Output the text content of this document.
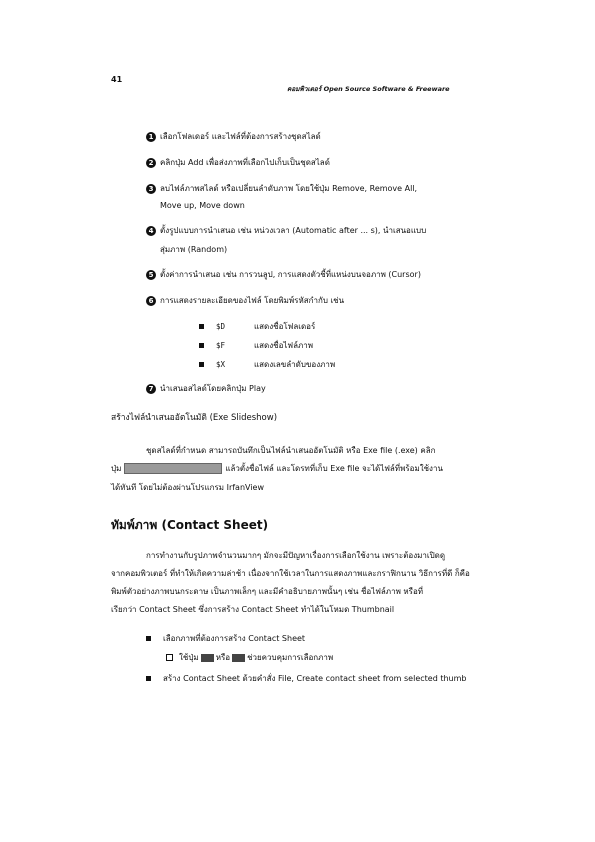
41
คอมพิวเตอร์ Open Source Software & Freeware
1 เลือกโฟลเดอร์ และไฟล์ที่ต้องการสร้างชุดสไลด์
2 คลิกปุ่ม Add เพื่อส่งภาพที่เลือกไปเก็บเป็นชุดสไลด์
3 ลบไฟล์ภาพสไลด์ หรือเปลี่ยนลำดับภาพ โดยใช้ปุ่ม Remove, Remove All,
Move up, Move down
4 ตั้งรูปแบบการนำเสนอ เช่น หน่วงเวลา (Automatic after ... s), นำเสนอแบบ
สุ่มภาพ (Random)
5 ตั้งค่าการนำเสนอ เช่น การวนลูป, การแสดงตัวชี้ที่แหน่งบนจอภาพ (Cursor)
6 การแสดงรายละเอียดของไฟล์ โดยพิมพ์รหัสกำกับ เช่น
$D	แสดงชื่อโฟลเดอร์
$F	แสดงชื่อไฟล์ภาพ
$X	แสดงเลขลำดับของภาพ
7 นำเสนอสไลด์โดยคลิกปุ่ม Play
สร้างไฟล์นำเสนออัตโนมัติ (Exe Slideshow)
ชุดสไลด์ที่กำหนด สามารถบันทึกเป็นไฟล์นำเสนออัตโนมัติ หรือ Exe file (.exe) คลิก
ปุ่ม	แล้วตั้งชื่อไฟล์ และโดรทที่เก็บ Exe file จะได้ไฟล์ที่พร้อมใช้งาน
ได้ทันที โดยไม่ต้องผ่านโปรแกรม IrfanView
ทัมพ์ภาพ (Contact Sheet)
การทำงานกับรูปภาพจำนวนมากๆ มักจะมีปัญหาเรื่องการเลือกใช้งาน เพราะต้องมาเปิดดู
จากคอมพิวเตอร์ ที่ทำให้เกิดความล่าช้า เนื่องจากใช้เวลาในการแสดงภาพและกราฟิกนาน วิธีการที่ดี ก็คือ
พิมพ์ตัวอย่างภาพบนกระดาษ เป็นภาพเล็กๆ และมีคำอธิบายภาพนั้นๆ เช่น ชื่อไฟล์ภาพ หรือที่
เรียกว่า Contact Sheet ซึ่งการสร้าง Contact Sheet ทำได้ในโหมด Thumbnail
เลือกภาพที่ต้องการสร้าง Contact Sheet
ใช้ปุ่ม หรือ ช่วยควบคุมการเลือกภาพ
สร้าง Contact Sheet ด้วยคำสั่ง File, Create contact sheet from selected thumb
